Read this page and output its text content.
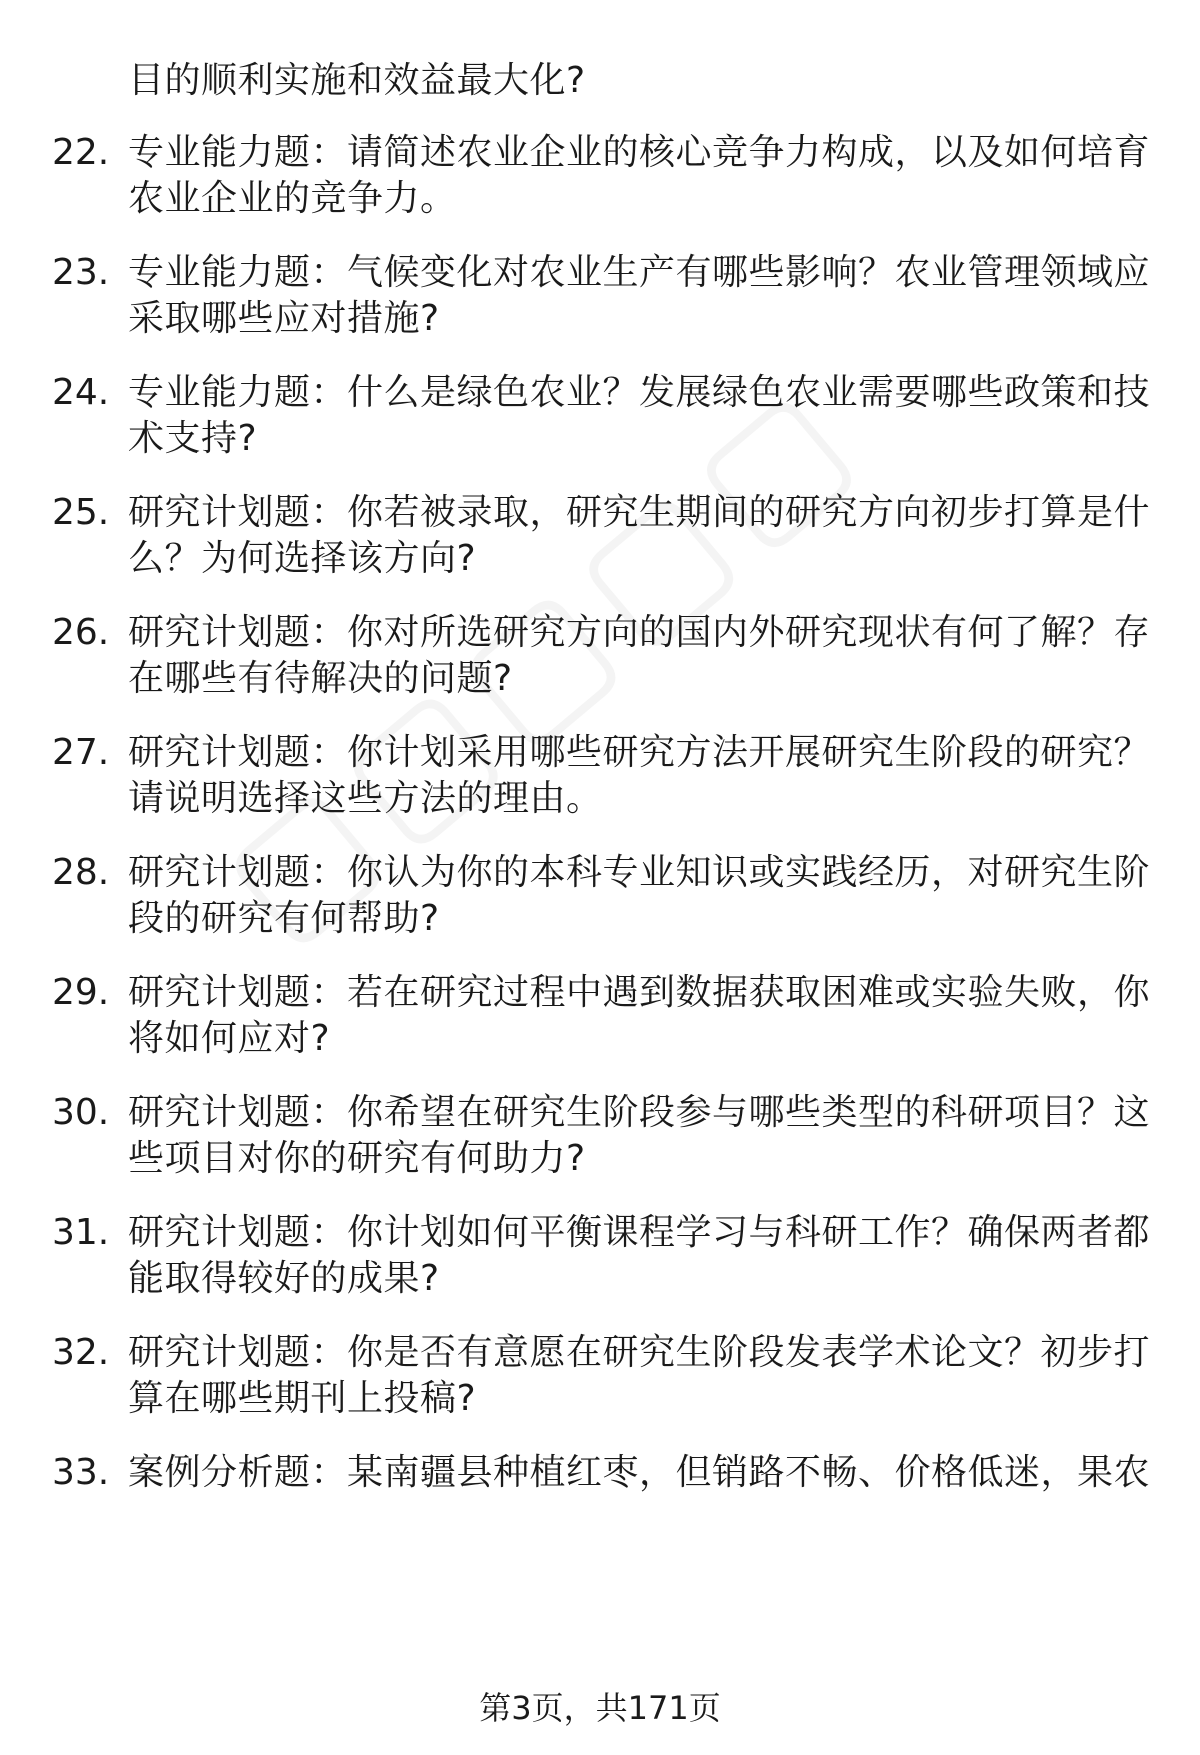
目的顺利实施和效益最大化?
22. 专业能力题：请简述农业企业的核心竞争力构成，以及如何培育
农业企业的竞争力。
23. 专业能力题：气候变化对农业生产有哪些影响？农业管理领域应
采取哪些应对措施?
24. 专业能力题：什么是绿色农业？发展绿色农业需要哪些政策和技
术支持?
25. 研究计划题：你若被录取，研究生期间的研究方向初步打算是什
么？为何选择该方向?
26. 研究计划题：你对所选研究方向的国内外研究现状有何了解？存
在哪些有待解决的问题?
27. 研究计划题：你计划采用哪些研究方法开展研究生阶段的研究？
请说明选择这些方法的理由。
28. 研究计划题：你认为你的本科专业知识或实践经历，对研究生阶
段的研究有何帮助?
29. 研究计划题：若在研究过程中遇到数据获取困难或实验失败，你
将如何应对?
30. 研究计划题：你希望在研究生阶段参与哪些类型的科研项目？这
些项目对你的研究有何助力?
31. 研究计划题：你计划如何平衡课程学习与科研工作？确保两者都
能取得较好的成果?
32. 研究计划题：你是否有意愿在研究生阶段发表学术论文？初步打
算在哪些期刊上投稿?
33. 案例分析题：某南疆县种植红枣，但销路不畅、价格低迷，果农
第3页，共171页
